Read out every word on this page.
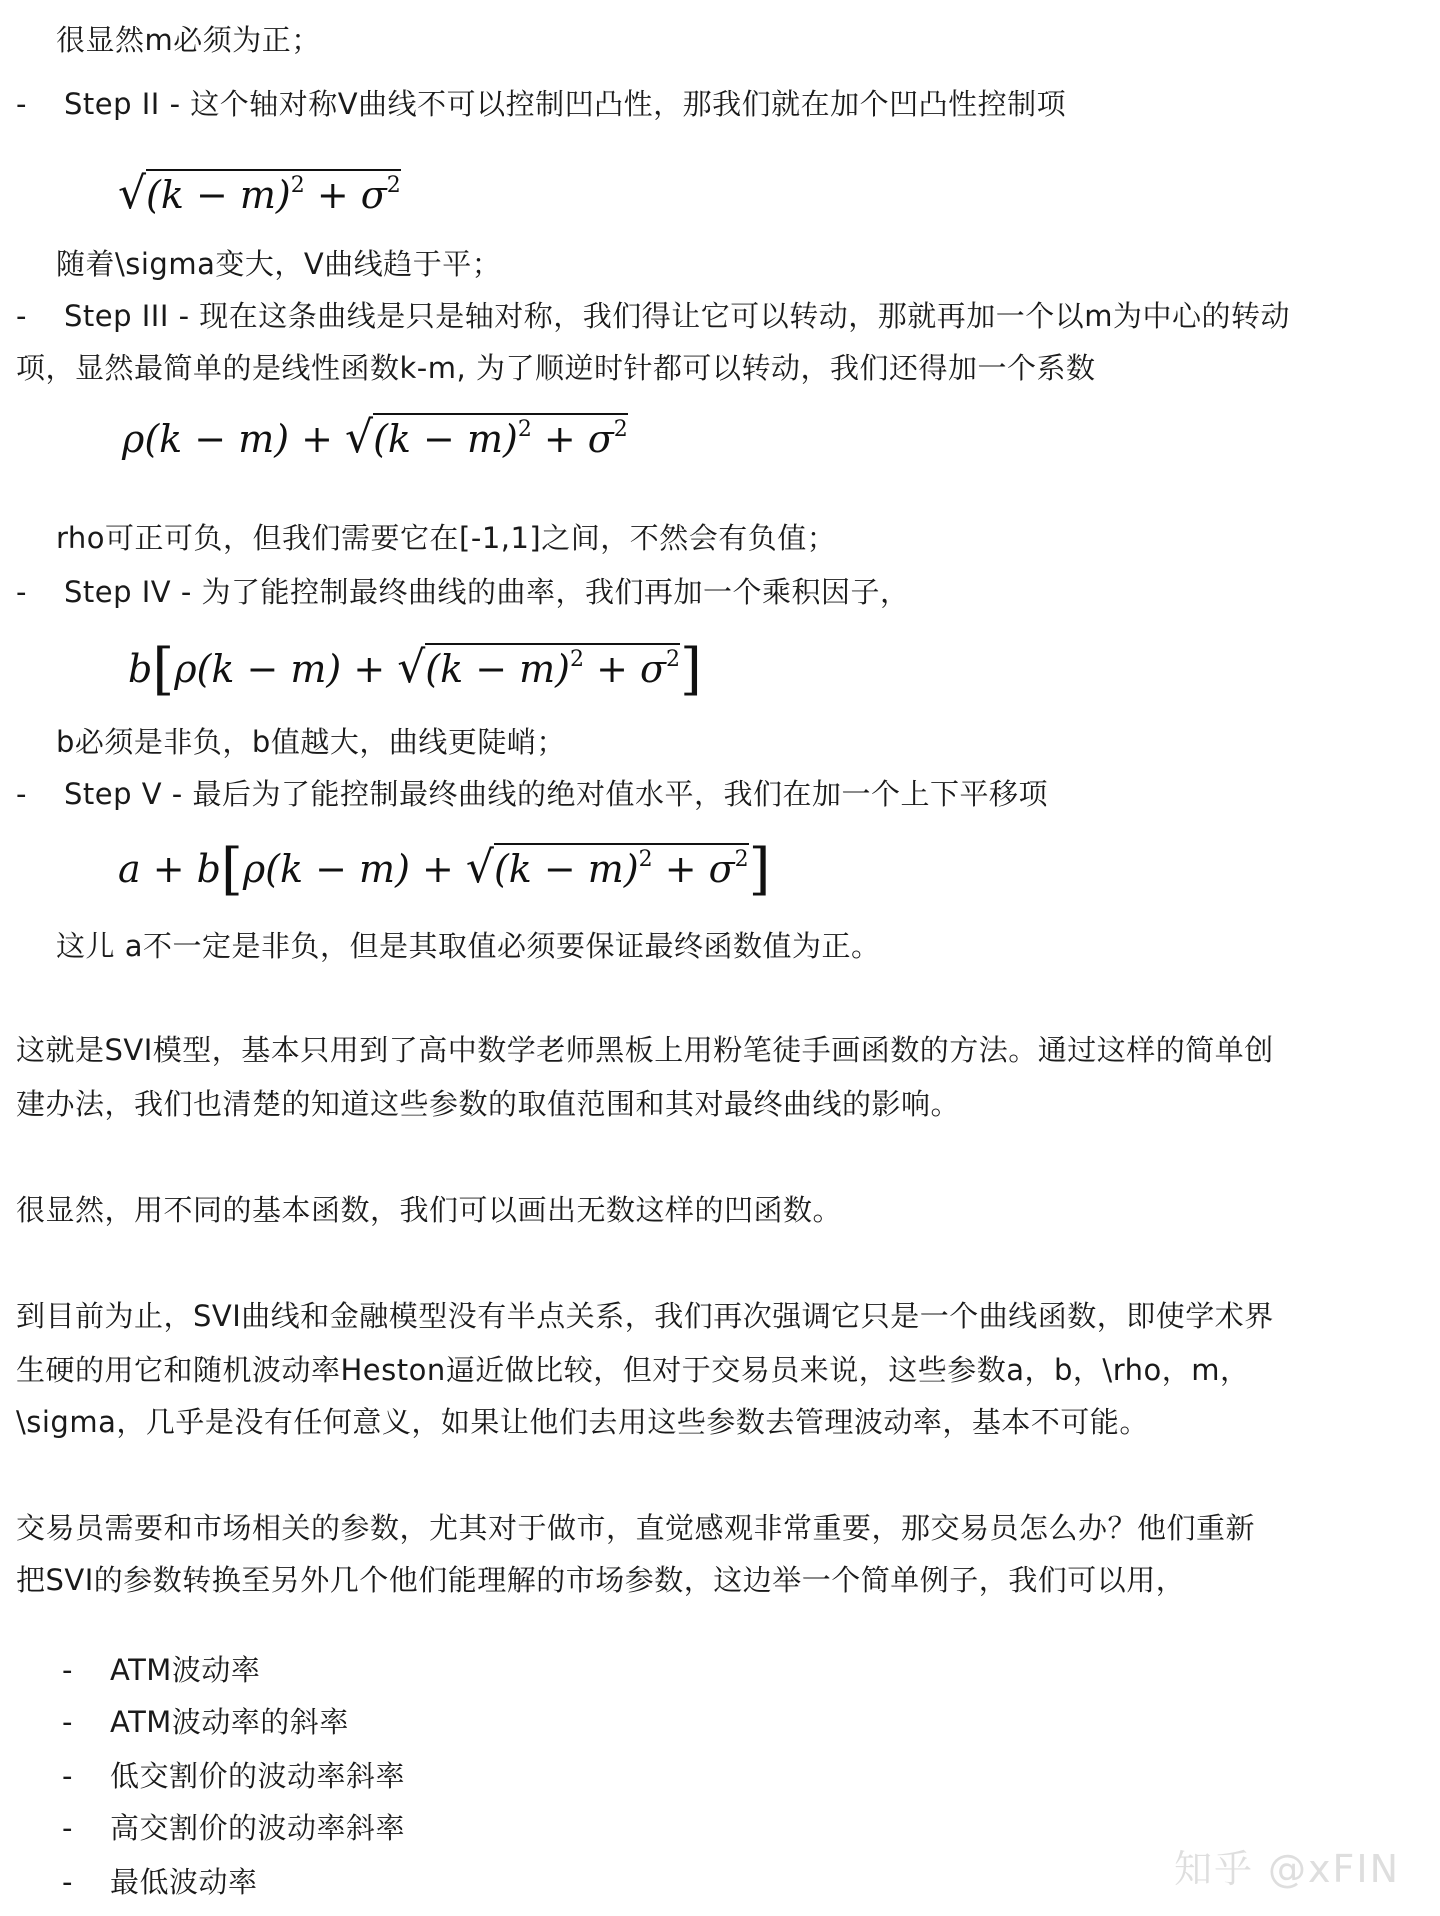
很显然m必须为正；
- Step II - 这个轴对称V曲线不可以控制凹凸性，那我们就在加个凹凸性控制项
$√(k - m)^2 + \sigma^2$
随着\sigma变大，V曲线趋于平；
- Step III - 现在这条曲线是只是轴对称，我们得让它可以转动，那就再加一个以m为中心的转动
项，显然最简单的是线性函数k-m, 为了顺逆时针都可以转动，我们还得加一个系数
$\rho(k - m) + √(k - m)^2 + \sigma^2$
rho可正可负，但我们需要它在[-1,1]之间，不然会有负值；
- Step IV - 为了能控制最终曲线的曲率，我们再加一个乘积因子，
$b[\rho(k - m) + √(k - m)^2 + \sigma^2]$
b必须是非负，b值越大，曲线更陡峭；
- Step V - 最后为了能控制最终曲线的绝对值水平，我们在加一个上下平移项
$a + b[\rho(k - m) + √(k - m)^2 + \sigma^2]$
这儿 a不一定是非负，但是其取值必须要保证最终函数值为正。
这就是SVI模型，基本只用到了高中数学老师黑板上用粉笔徒手画函数的方法。通过这样的简单创
建办法，我们也清楚的知道这些参数的取值范围和其对最终曲线的影响。
很显然，用不同的基本函数，我们可以画出无数这样的凹函数。
到目前为止，SVI曲线和金融模型没有半点关系，我们再次强调它只是一个曲线函数，即使学术界
生硬的用它和随机波动率Heston逼近做比较，但对于交易员来说，这些参数a，b，\rho，m，
\sigma，几乎是没有任何意义，如果让他们去用这些参数去管理波动率，基本不可能。
交易员需要和市场相关的参数，尤其对于做市，直觉感观非常重要，那交易员怎么办？他们重新
把SVI的参数转换至另外几个他们能理解的市场参数，这边举一个简单例子，我们可以用，
- ATM波动率
- ATM波动率的斜率
- 低交割价的波动率斜率
- 高交割价的波动率斜率
- 最低波动率	知乎 @xFIN
